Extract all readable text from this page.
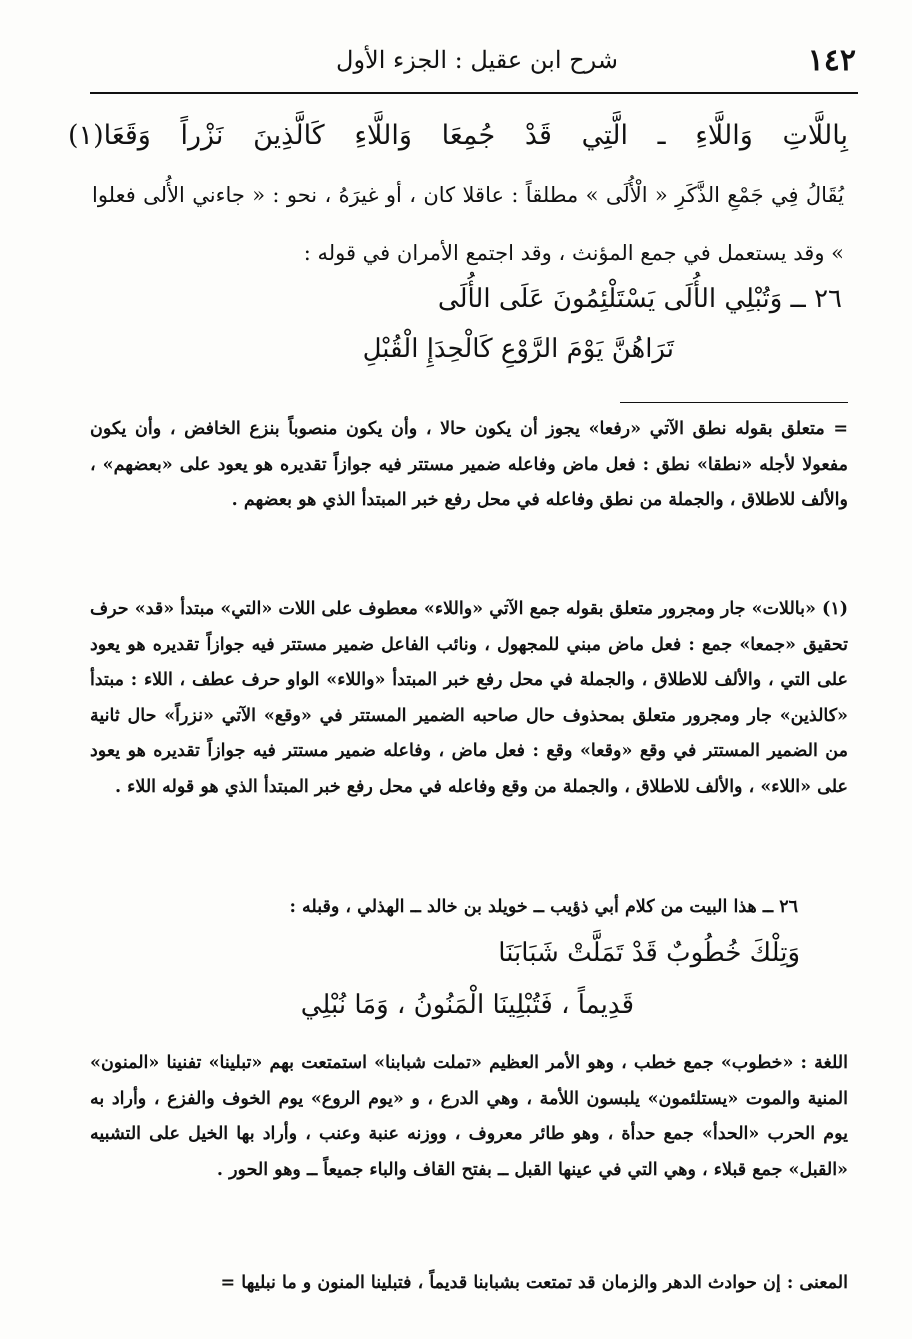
١٤٢
شرح ابن عقيل : الجزء الأول
بِاللَّاتِ وَاللَّاءِ ـ الَّتِي قَدْ جُمِعَا وَاللَّاءِ كَالَّذِينَ نَزْراً وَقَعَا(١)
يُقَالُ فِي جَمْعِ الذَّكَرِ « الْأُلَى » مطلقاً : عاقلا كان ، أو غيرَهُ ، نحو : « جاءني الأُلى فعلوا » وقد يستعمل في جمع المؤنث ، وقد اجتمع الأمران في قوله :
٢٦ ــ وَتُبْلِي الأُلَى يَسْتَلْئِمُونَ عَلَى الأُلَى
تَرَاهُنَّ يَوْمَ الرَّوْعِ كَالْحِدَإِ الْقُبْلِ

= متعلق بقوله نطق الآتي «رفعا» يجوز أن يكون حالا ، وأن يكون منصوباً بنزع الخافض ، وأن يكون مفعولا لأجله «نطقا» نطق : فعل ماض وفاعله ضمير مستتر فيه جوازاً تقديره هو يعود على «بعضهم» ، والألف للاطلاق ، والجملة من نطق وفاعله في محل رفع خبر المبتدأ الذي هو بعضهم .

(١) «باللات» جار ومجرور متعلق بقوله جمع الآتي «واللاء» معطوف على اللات «التي» مبتدأ «قد» حرف تحقيق «جمعا» جمع : فعل ماض مبني للمجهول ، ونائب الفاعل ضمير مستتر فيه جوازاً تقديره هو يعود على التي ، والألف للاطلاق ، والجملة في محل رفع خبر المبتدأ «واللاء» الواو حرف عطف ، اللاء : مبتدأ «كالذين» جار ومجرور متعلق بمحذوف حال صاحبه الضمير المستتر في «وقع» الآتي «نزراً» حال ثانية من الضمير المستتر في وقع «وقعا» وقع : فعل ماض ، وفاعله ضمير مستتر فيه جوازاً تقديره هو يعود على «اللاء» ، والألف للاطلاق ، والجملة من وقع وفاعله في محل رفع خبر المبتدأ الذي هو قوله اللاء .

٢٦ ــ هذا البيت من كلام أبي ذؤيب ــ خويلد بن خالد ــ الهذلي ، وقبله :

وَتِلْكَ خُطُوبٌ قَدْ تَمَلَّتْ شَبَابَنَا
قَدِيماً ، فَتُبْلِينَا الْمَنُونُ ، وَمَا نُبْلِي

اللغة : «خطوب» جمع خطب ، وهو الأمر العظيم «تملت شبابنا» استمتعت بهم «تبلينا» تفنينا «المنون» المنية والموت «يستلئمون» يلبسون اللأمة ، وهي الدرع ، و «يوم الروع» يوم الخوف والفزع ، وأراد به يوم الحرب «الحدأ» جمع حدأة ، وهو طائر معروف ، ووزنه عنبة وعنب ، وأراد بها الخيل على التشبيه «القبل» جمع قبلاء ، وهي التي في عينها القبل ــ بفتح القاف والباء جميعاً ــ وهو الحور .

المعنى : إن حوادث الدهر والزمان قد تمتعت بشبابنا قديماً ، فتبلينا المنون و ما نبليها =
